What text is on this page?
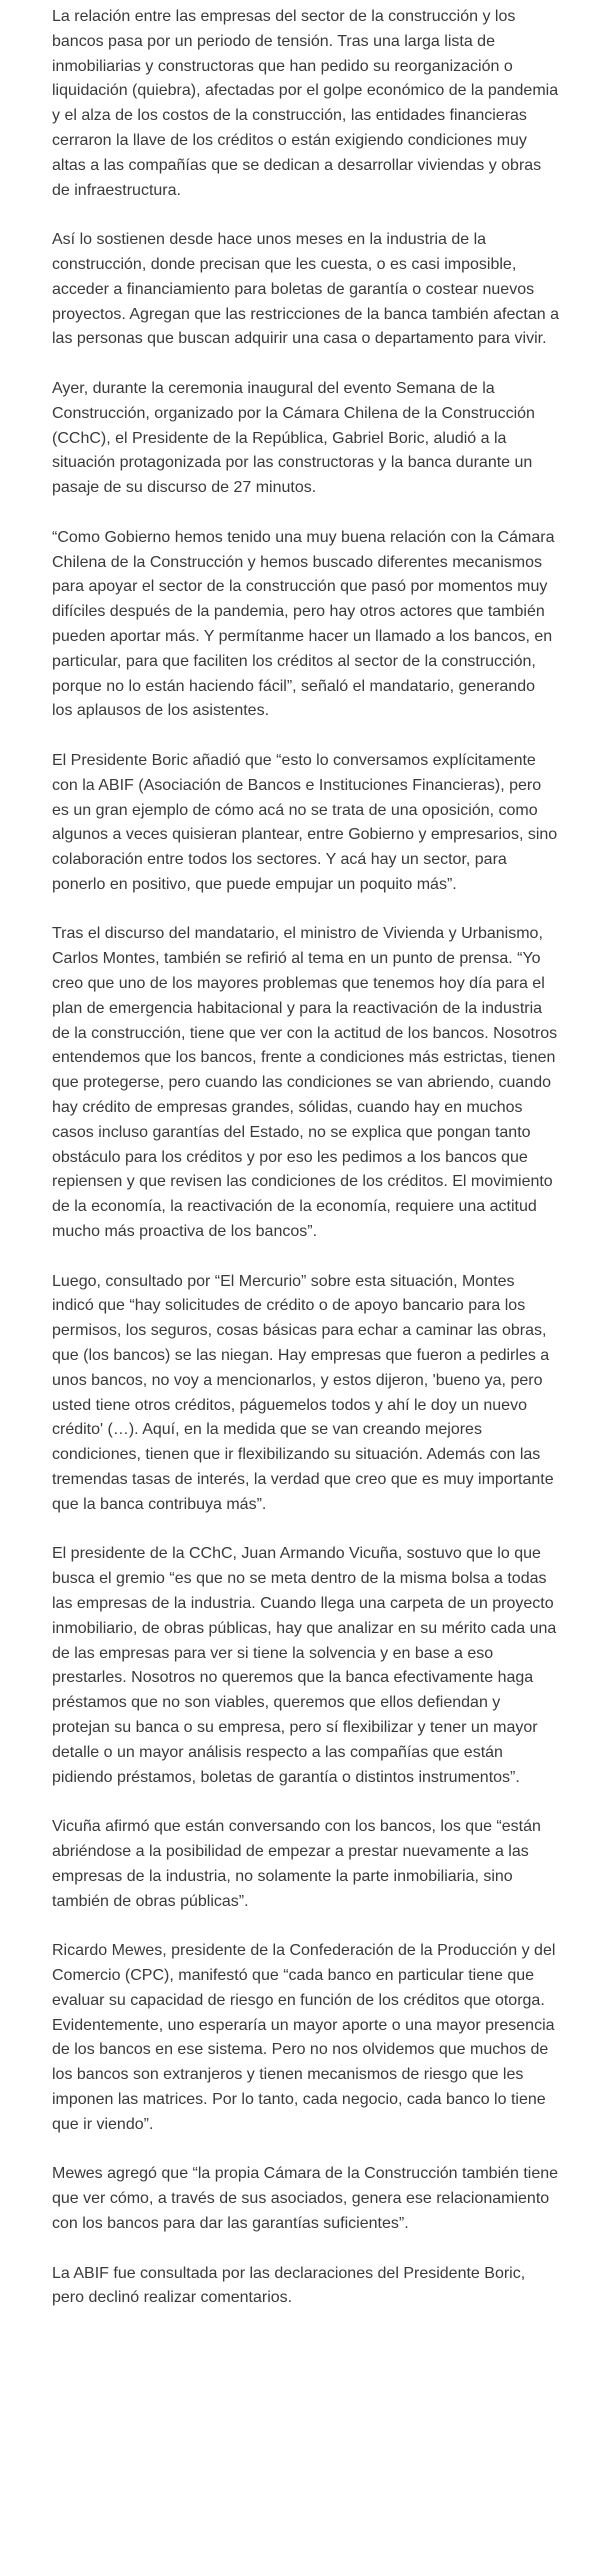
La relación entre las empresas del sector de la construcción y los bancos pasa por un periodo de tensión. Tras una larga lista de inmobiliarias y constructoras que han pedido su reorganización o liquidación (quiebra), afectadas por el golpe económico de la pandemia y el alza de los costos de la construcción, las entidades financieras cerraron la llave de los créditos o están exigiendo condiciones muy altas a las compañías que se dedican a desarrollar viviendas y obras de infraestructura.

Así lo sostienen desde hace unos meses en la industria de la construcción, donde precisan que les cuesta, o es casi imposible, acceder a financiamiento para boletas de garantía o costear nuevos proyectos. Agregan que las restricciones de la banca también afectan a las personas que buscan adquirir una casa o departamento para vivir.

Ayer, durante la ceremonia inaugural del evento Semana de la Construcción, organizado por la Cámara Chilena de la Construcción (CChC), el Presidente de la República, Gabriel Boric, aludió a la situación protagonizada por las constructoras y la banca durante un pasaje de su discurso de 27 minutos.

“Como Gobierno hemos tenido una muy buena relación con la Cámara Chilena de la Construcción y hemos buscado diferentes mecanismos para apoyar el sector de la construcción que pasó por momentos muy difíciles después de la pandemia, pero hay otros actores que también pueden aportar más. Y permítanme hacer un llamado a los bancos, en particular, para que faciliten los créditos al sector de la construcción, porque no lo están haciendo fácil”, señaló el mandatario, generando los aplausos de los asistentes.

El Presidente Boric añadió que “esto lo conversamos explícitamente con la ABIF (Asociación de Bancos e Instituciones Financieras), pero es un gran ejemplo de cómo acá no se trata de una oposición, como algunos a veces quisieran plantear, entre Gobierno y empresarios, sino colaboración entre todos los sectores. Y acá hay un sector, para ponerlo en positivo, que puede empujar un poquito más”.

Tras el discurso del mandatario, el ministro de Vivienda y Urbanismo, Carlos Montes, también se refirió al tema en un punto de prensa. “Yo creo que uno de los mayores problemas que tenemos hoy día para el plan de emergencia habitacional y para la reactivación de la industria de la construcción, tiene que ver con la actitud de los bancos. Nosotros entendemos que los bancos, frente a condiciones más estrictas, tienen que protegerse, pero cuando las condiciones se van abriendo, cuando hay crédito de empresas grandes, sólidas, cuando hay en muchos casos incluso garantías del Estado, no se explica que pongan tanto obstáculo para los créditos y por eso les pedimos a los bancos que repiensen y que revisen las condiciones de los créditos. El movimiento de la economía, la reactivación de la economía, requiere una actitud mucho más proactiva de los bancos”.

Luego, consultado por “El Mercurio” sobre esta situación, Montes indicó que “hay solicitudes de crédito o de apoyo bancario para los permisos, los seguros, cosas básicas para echar a caminar las obras, que (los bancos) se las niegan. Hay empresas que fueron a pedirles a unos bancos, no voy a mencionarlos, y estos dijeron, 'bueno ya, pero usted tiene otros créditos, páguemelos todos y ahí le doy un nuevo crédito' (…). Aquí, en la medida que se van creando mejores condiciones, tienen que ir flexibilizando su situación. Además con las tremendas tasas de interés, la verdad que creo que es muy importante que la banca contribuya más”.

El presidente de la CChC, Juan Armando Vicuña, sostuvo que lo que busca el gremio “es que no se meta dentro de la misma bolsa a todas las empresas de la industria. Cuando llega una carpeta de un proyecto inmobiliario, de obras públicas, hay que analizar en su mérito cada una de las empresas para ver si tiene la solvencia y en base a eso prestarles. Nosotros no queremos que la banca efectivamente haga préstamos que no son viables, queremos que ellos defiendan y protejan su banca o su empresa, pero sí flexibilizar y tener un mayor detalle o un mayor análisis respecto a las compañías que están pidiendo préstamos, boletas de garantía o distintos instrumentos”.

Vicuña afirmó que están conversando con los bancos, los que “están abriéndose a la posibilidad de empezar a prestar nuevamente a las empresas de la industria, no solamente la parte inmobiliaria, sino también de obras públicas”.

Ricardo Mewes, presidente de la Confederación de la Producción y del Comercio (CPC), manifestó que “cada banco en particular tiene que evaluar su capacidad de riesgo en función de los créditos que otorga. Evidentemente, uno esperaría un mayor aporte o una mayor presencia de los bancos en ese sistema. Pero no nos olvidemos que muchos de los bancos son extranjeros y tienen mecanismos de riesgo que les imponen las matrices. Por lo tanto, cada negocio, cada banco lo tiene que ir viendo”.

Mewes agregó que “la propia Cámara de la Construcción también tiene que ver cómo, a través de sus asociados, genera ese relacionamiento con los bancos para dar las garantías suficientes”.

La ABIF fue consultada por las declaraciones del Presidente Boric, pero declinó realizar comentarios.
